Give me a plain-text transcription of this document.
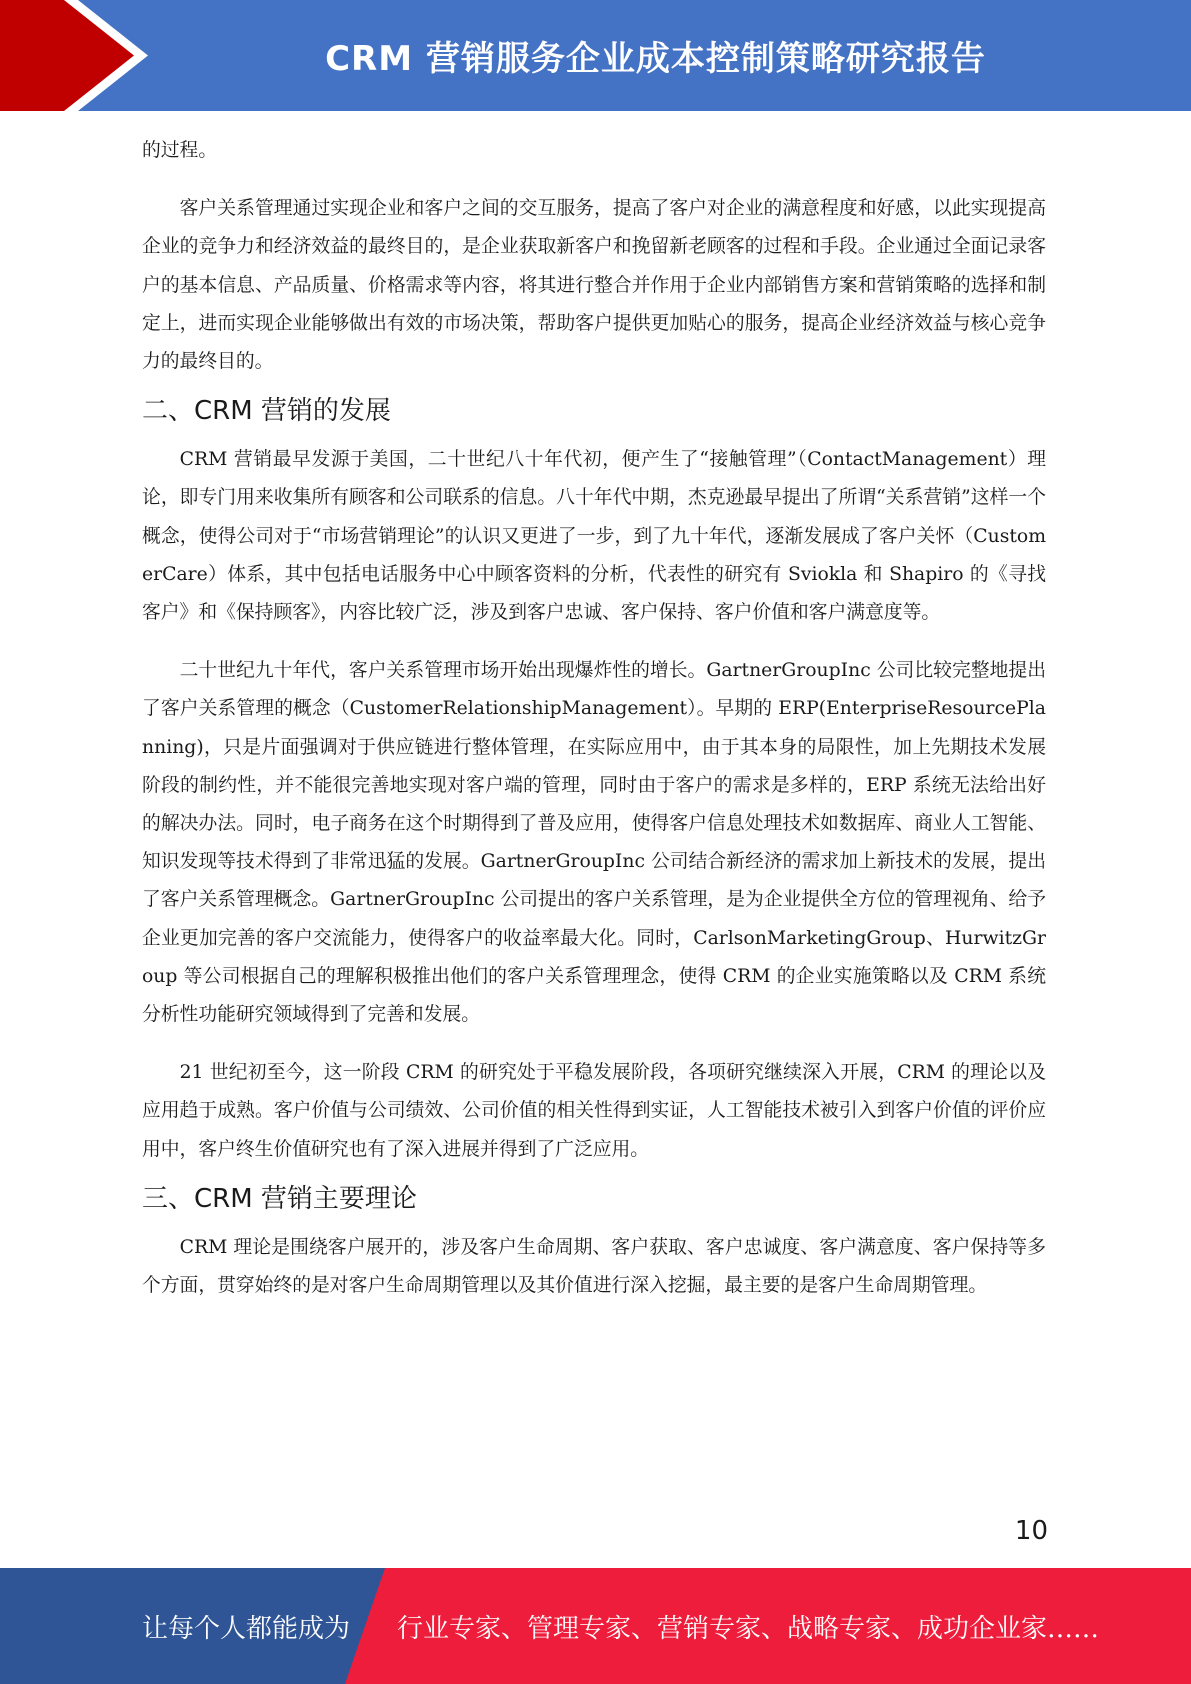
CRM 营销服务企业成本控制策略研究报告

的过程。

客户关系管理通过实现企业和客户之间的交互服务，提高了客户对企业的满意程度和好感，以此实现提高企业的竞争力和经济效益的最终目的，是企业获取新客户和挽留新老顾客的过程和手段。企业通过全面记录客户的基本信息、产品质量、价格需求等内容，将其进行整合并作用于企业内部销售方案和营销策略的选择和制定上，进而实现企业能够做出有效的市场决策，帮助客户提供更加贴心的服务，提高企业经济效益与核心竞争力的最终目的。

二、CRM 营销的发展

CRM 营销最早发源于美国，二十世纪八十年代初，便产生了“接触管理”（ContactManagement）理论，即专门用来收集所有顾客和公司联系的信息。八十年代中期，杰克逊最早提出了所谓“关系营销”这样一个概念，使得公司对于“市场营销理论”的认识又更进了一步，到了九十年代，逐渐发展成了客户关怀（CustomerCare）体系，其中包括电话服务中心中顾客资料的分析，代表性的研究有 Sviokla 和 Shapiro 的《寻找客户》和《保持顾客》，内容比较广泛，涉及到客户忠诚、客户保持、客户价值和客户满意度等。

二十世纪九十年代，客户关系管理市场开始出现爆炸性的增长。GartnerGroupInc 公司比较完整地提出了客户关系管理的概念（CustomerRelationshipManagement）。早期的 ERP(EnterpriseResourcePlanning)，只是片面强调对于供应链进行整体管理，在实际应用中，由于其本身的局限性，加上先期技术发展阶段的制约性，并不能很完善地实现对客户端的管理，同时由于客户的需求是多样的，ERP 系统无法给出好的解决办法。同时，电子商务在这个时期得到了普及应用，使得客户信息处理技术如数据库、商业人工智能、知识发现等技术得到了非常迅猛的发展。GartnerGroupInc 公司结合新经济的需求加上新技术的发展，提出了客户关系管理概念。GartnerGroupInc 公司提出的客户关系管理，是为企业提供全方位的管理视角、给予企业更加完善的客户交流能力，使得客户的收益率最大化。同时，CarlsonMarketingGroup、HurwitzGroup 等公司根据自己的理解积极推出他们的客户关系管理理念，使得 CRM 的企业实施策略以及 CRM 系统分析性功能研究领域得到了完善和发展。

21 世纪初至今，这一阶段 CRM 的研究处于平稳发展阶段，各项研究继续深入开展，CRM 的理论以及应用趋于成熟。客户价值与公司绩效、公司价值的相关性得到实证，人工智能技术被引入到客户价值的评价应用中，客户终生价值研究也有了深入进展并得到了广泛应用。

三、CRM 营销主要理论

CRM 理论是围绕客户展开的，涉及客户生命周期、客户获取、客户忠诚度、客户满意度、客户保持等多个方面，贯穿始终的是对客户生命周期管理以及其价值进行深入挖掘，最主要的是客户生命周期管理。

10
让每个人都能成为 行业专家、管理专家、营销专家、战略专家、成功企业家……
